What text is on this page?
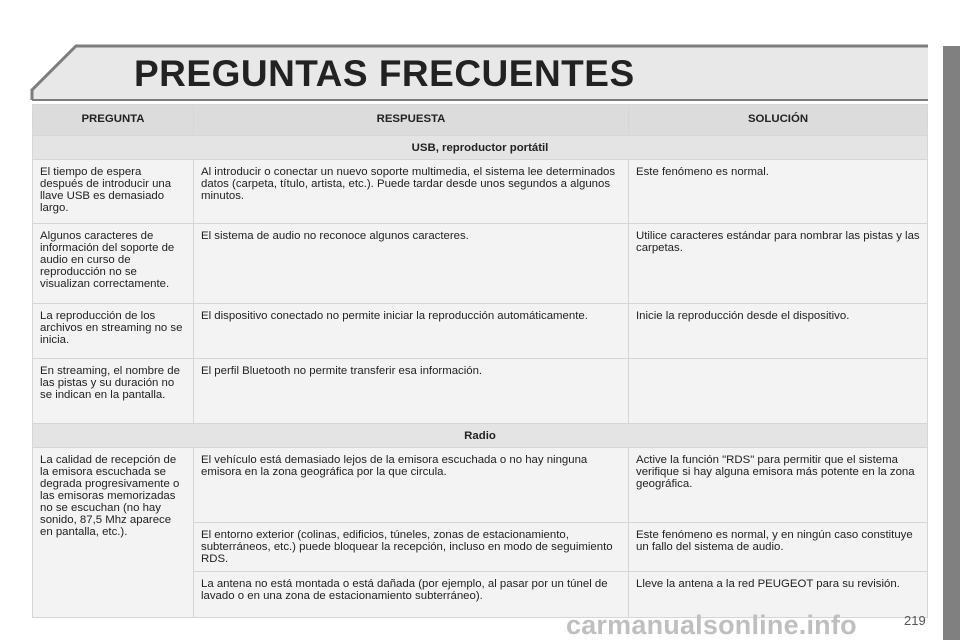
PREGUNTAS FRECUENTES
PREGUNTA	RESPUESTA	SOLUCIÓN
USB, reproductor portátil		
El tiempo de espera después de introducir una llave USB es demasiado largo.	Al introducir o conectar un nuevo soporte multimedia, el sistema lee determinados datos (carpeta, título, artista, etc.). Puede tardar desde unos segundos a algunos minutos.	Este fenómeno es normal.
Algunos caracteres de información del soporte de audio en curso de reproducción no se visualizan correctamente.	El sistema de audio no reconoce algunos caracteres.	Utilice caracteres estándar para nombrar las pistas y las carpetas.
La reproducción de los archivos en streaming no se inicia.	El dispositivo conectado no permite iniciar la reproducción automáticamente.	Inicie la reproducción desde el dispositivo.
En streaming, el nombre de las pistas y su duración no se indican en la pantalla.	El perfil Bluetooth no permite transferir esa información.	
Radio		
La calidad de recepción de la emisora escuchada se degrada progresivamente o las emisoras memorizadas no se escuchan (no hay sonido, 87,5 Mhz aparece en pantalla, etc.).	El vehículo está demasiado lejos de la emisora escuchada o no hay ninguna emisora en la zona geográfica por la que circula.	Active la función "RDS" para permitir que el sistema verifique si hay alguna emisora más potente en la zona geográfica.
	El entorno exterior (colinas, edificios, túneles, zonas de estacionamiento, subterráneos, etc.) puede bloquear la recepción, incluso en modo de seguimiento RDS.	Este fenómeno es normal, y en ningún caso constituye un fallo del sistema de audio.
	La antena no está montada o está dañada (por ejemplo, al pasar por un túnel de lavado o en una zona de estacionamiento subterráneo).	Lleve la antena a la red PEUGEOT para su revisión.
carmanualsonline.info	219
